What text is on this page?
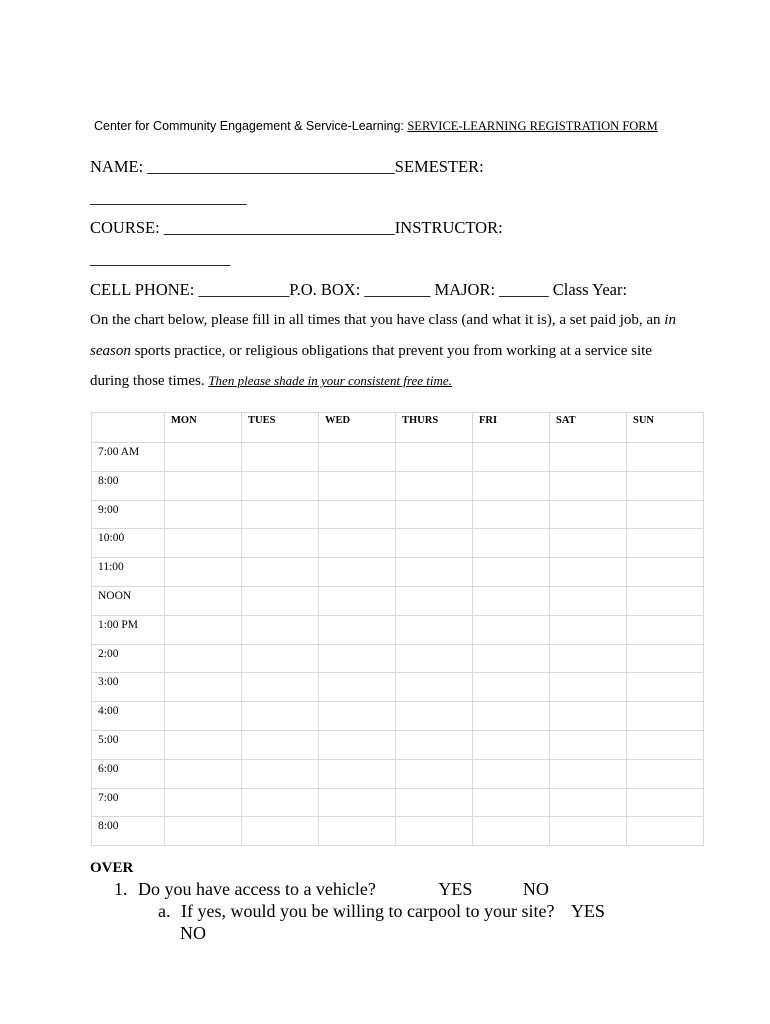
Center for Community Engagement & Service-Learning: SERVICE-LEARNING REGISTRATION FORM
NAME: ______________________________SEMESTER:
___________________
COURSE: ____________________________INSTRUCTOR:
_________________
CELL PHONE: ___________P.O. BOX: ________ MAJOR: ______ Class Year:
On the chart below, please fill in all times that you have class (and what it is), a set paid job, an in season sports practice, or religious obligations that prevent you from working at a service site during those times. Then please shade in your consistent free time.
	MON	TUES	WED	THURS	FRI	SAT	SUN
7:00 AM							
8:00							
9:00							
10:00							
11:00							
NOON							
1:00 PM							
2:00							
3:00							
4:00							
5:00							
6:00							
7:00							
8:00							
OVER
1. Do you have access to a vehicle?	YES	NO
a. If yes, would you be willing to carpool to your site? YES
NO
